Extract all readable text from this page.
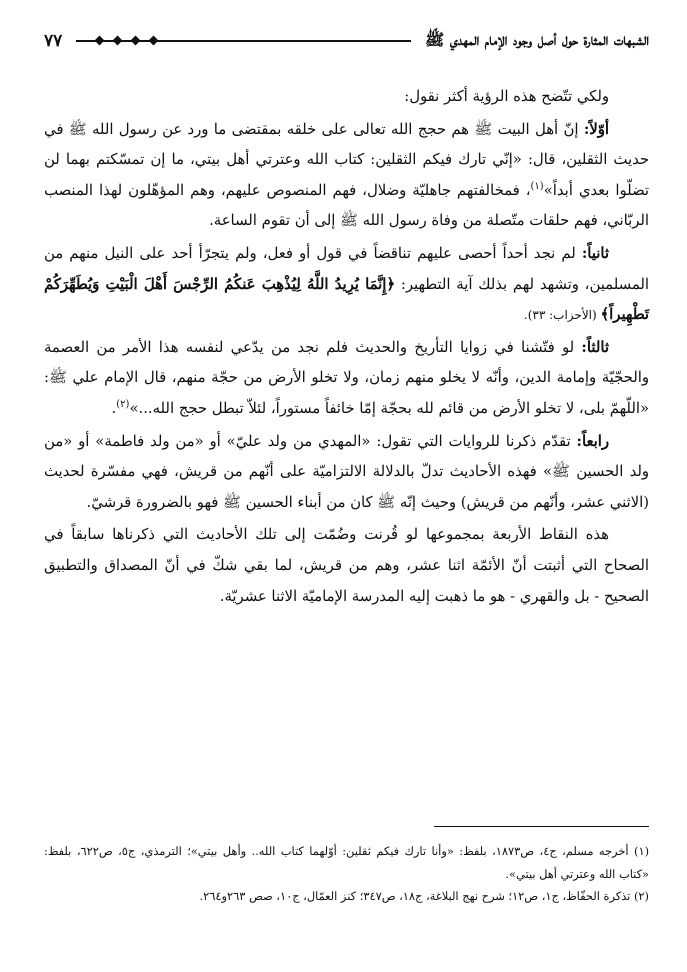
الشبهات المثارة حول أصل وجود الإمام المهدي ﷺ
٧٧

ولكي تتّضح هذه الرؤية أكثر نقول:

أوّلاً: إنّ أهل البيت ﷺ هم حجج الله تعالى على خلقه بمقتضى ما ورد عن رسول الله ﷺ في حديث الثقلين، قال: «إنّي تارك فيكم الثقلين: كتاب الله وعترتي أهل بيتي، ما إن تمسّكتم بهما لن تضلّوا بعدي أبداً»$^{(١)}$، فمخالفتهم جاهليّة وضلال، فهم المنصوص عليهم، وهم المؤهّلون لهذا المنصب الربّاني، فهم حلقات متّصلة من وفاة رسول الله ﷺ إلى أن تقوم الساعة.

ثانياً: لم نجد أحداً أحصى عليهم تناقضاً في قول أو فعل، ولم يتجرّأ أحد على النيل منهم من المسلمين، وتشهد لهم بذلك آية التطهير: ﴿إِنَّمَا يُرِيدُ اللَّهُ لِيُذْهِبَ عَنكُمُ الرِّجْسَ أَهْلَ الْبَيْتِ وَيُطَهِّرَكُمْ تَطْهِيراً﴾ (الأحزاب: ٣٣).

ثالثاً: لو فتّشنا في زوايا التأريخ والحديث فلم نجد من يدّعي لنفسه هذا الأمر من العصمة والحجّيّة وإمامة الدين، وأنّه لا يخلو منهم زمان، ولا تخلو الأرض من حجّة منهم، قال الإمام علي ﷺ: «اللّهمّ بلى، لا تخلو الأرض من قائم لله بحجّة إمّا خائفاً مستوراً، لئلاّ تبطل حجج الله...»$^{(٢)}$.

رابعاً: تقدّم ذكرنا للروايات التي تقول: «المهدي من ولد عليّ» أو «من ولد فاطمة» أو «من ولد الحسين ﷺ» فهذه الأحاديث تدلّ بالدلالة الالتزاميّة على أنّهم من قريش، فهي مفسّرة لحديث (الاثني عشر، وأنّهم من قريش) وحيث إنّه ﷺ كان من أبناء الحسين ﷺ فهو بالضرورة قرشيّ.

هذه النقاط الأربعة بمجموعها لو قُرنت وضُمّت إلى تلك الأحاديث التي ذكرناها سابقاً في الصحاح التي أثبتت أنّ الأئمّة اثنا عشر، وهم من قريش، لما بقي شكّ في أنّ المصداق والتطبيق الصحيح - بل والقهري - هو ما ذهبت إليه المدرسة الإماميّة الاثنا عشريّة.

(١) أخرجه مسلم، ج٤، ص١٨٧٣، بلفظ: «وأنا تارك فيكم ثقلين: أوّلهما كتاب الله.. وأهل بيتي»؛ الترمذي، ج٥، ص٦٢٢، بلفظ: «كتاب الله وعترتي أهل بيتي».

(٢) تذكرة الحفّاظ، ج١، ص١٢؛ شرح نهج البلاغة، ج١٨، ص٣٤٧؛ كنز العمّال، ج١٠، صص ٢٦٣و٢٦٤.
